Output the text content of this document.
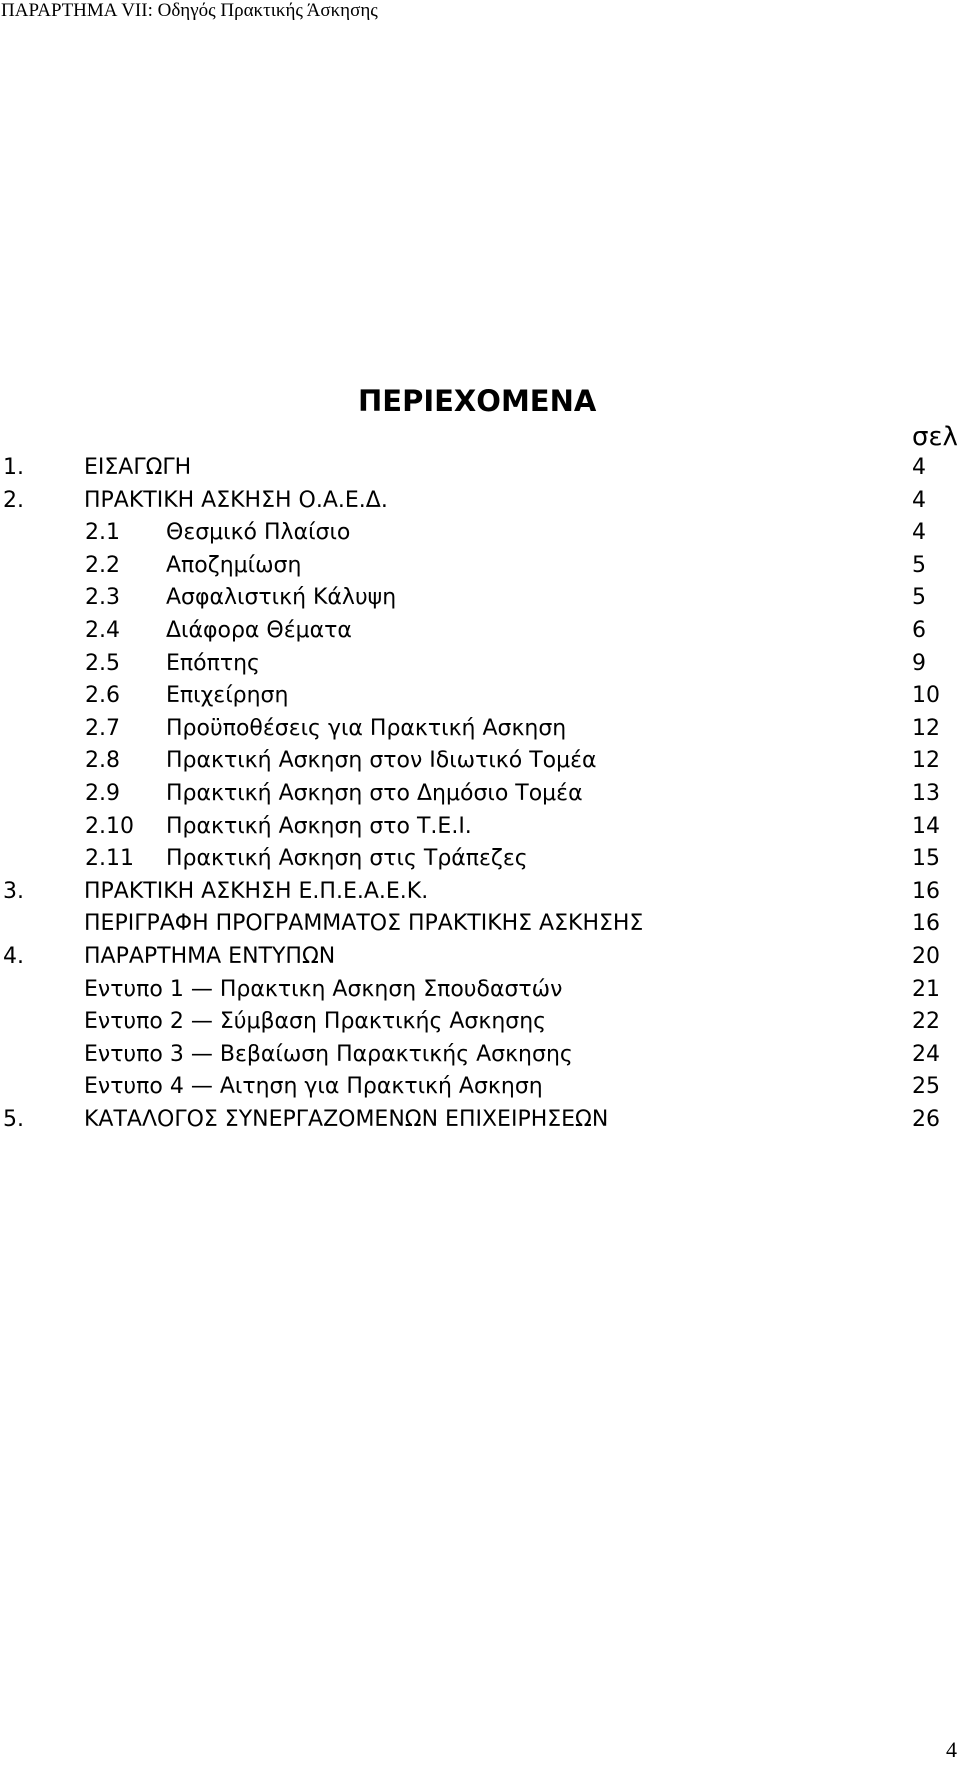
ΠΑΡΑΡΤΗΜΑ VII: Οδηγός Πρακτικής Άσκησης
ΠΕΡΙΕΧΟΜΕΝΑ
σελ
1.	ΕΙΣΑΓΩΓΗ	4
2.	ΠΡΑΚΤΙΚΗ ΑΣΚΗΣΗ Ο.Α.Ε.Δ.	4
2.1 Θεσμικό Πλαίσιο	4
2.2 Αποζημίωση	5
2.3 Ασφαλιστική Κάλυψη	5
2.4 Διάφορα Θέματα	6
2.5 Επόπτης	9
2.6 Επιχείρηση	10
2.7 Προϋποθέσεις για Πρακτική Ασκηση	12
2.8 Πρακτική Ασκηση στον Ιδιωτικό Τομέα	12
2.9 Πρακτική Ασκηση στο Δημόσιο Τομέα	13
2.10 Πρακτική Ασκηση στο Τ.Ε.Ι.	14
2.11 Πρακτική Ασκηση στις Τράπεζες	15
3.	ΠΡΑΚΤΙΚΗ ΑΣΚΗΣΗ Ε.Π.Ε.Α.Ε.Κ.	16
ΠΕΡΙΓΡΑΦΗ ΠΡΟΓΡΑΜΜΑΤΟΣ ΠΡΑΚΤΙΚΗΣ ΑΣΚΗΣΗΣ	16
4.	ΠΑΡΑΡΤΗΜΑ ΕΝΤΥΠΩΝ	20
Εντυπο 1 — Πρακτικη Ασκηση Σπουδαστών	21
Εντυπο 2 — Σύμβαση Πρακτικής Ασκησης	22
Εντυπο 3 — Βεβαίωση Παρακτικής Ασκησης	24
Εντυπο 4 — Αιτηση για Πρακτική Ασκηση	25
5.	ΚΑΤΑΛΟΓΟΣ ΣΥΝΕΡΓΑΖΟΜΕΝΩΝ ΕΠΙΧΕΙΡΗΣΕΩΝ	26
4
